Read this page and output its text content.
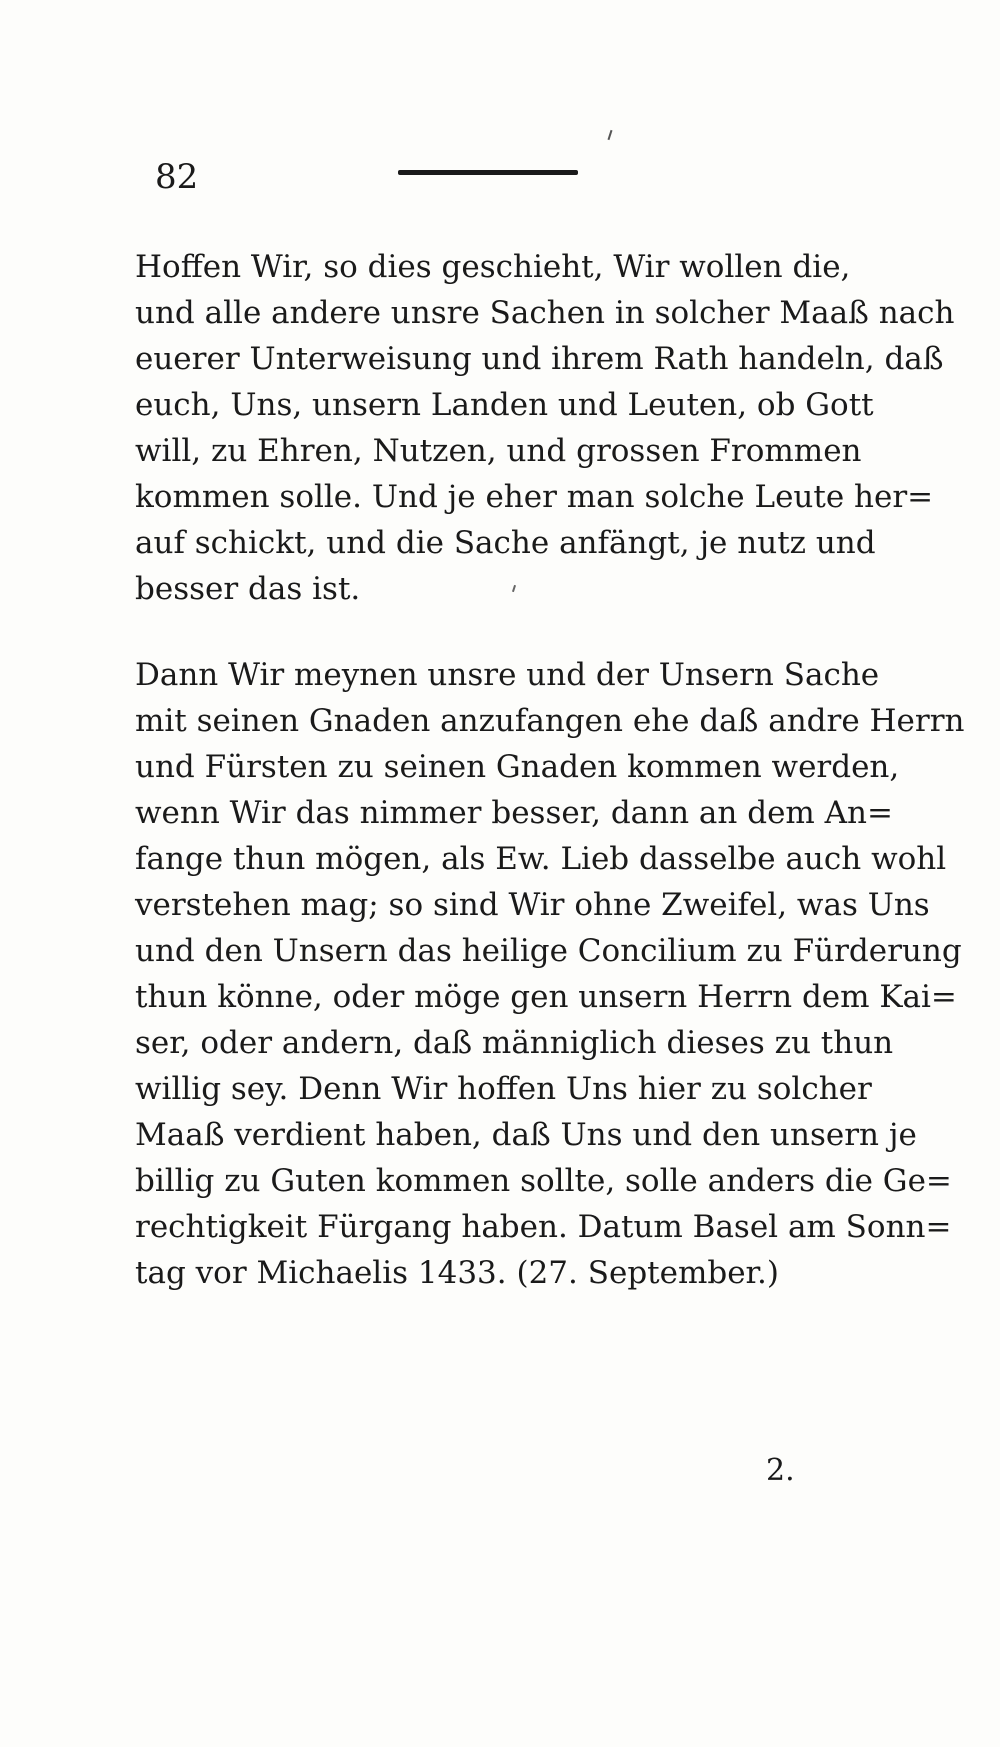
82
Hoffen Wir, so dies geschieht, Wir wollen die,
und alle andere unsre Sachen in solcher Maaß nach
euerer Unterweisung und ihrem Rath handeln, daß
euch, Uns, unsern Landen und Leuten, ob Gott
will, zu Ehren, Nutzen, und grossen Frommen
kommen solle. Und je eher man solche Leute her=
auf schickt, und die Sache anfängt, je nutz und
besser das ist.
Dann Wir meynen unsre und der Unsern Sache
mit seinen Gnaden anzufangen ehe daß andre Herrn
und Fürsten zu seinen Gnaden kommen werden,
wenn Wir das nimmer besser, dann an dem An=
fange thun mögen, als Ew. Lieb dasselbe auch wohl
verstehen mag; so sind Wir ohne Zweifel, was Uns
und den Unsern das heilige Concilium zu Fürderung
thun könne, oder möge gen unsern Herrn dem Kai=
ser, oder andern, daß männiglich dieses zu thun
willig sey. Denn Wir hoffen Uns hier zu solcher
Maaß verdient haben, daß Uns und den unsern je
billig zu Guten kommen sollte, solle anders die Ge=
rechtigkeit Fürgang haben. Datum Basel am Sonn=
tag vor Michaelis 1433. (27. September.)
2.
